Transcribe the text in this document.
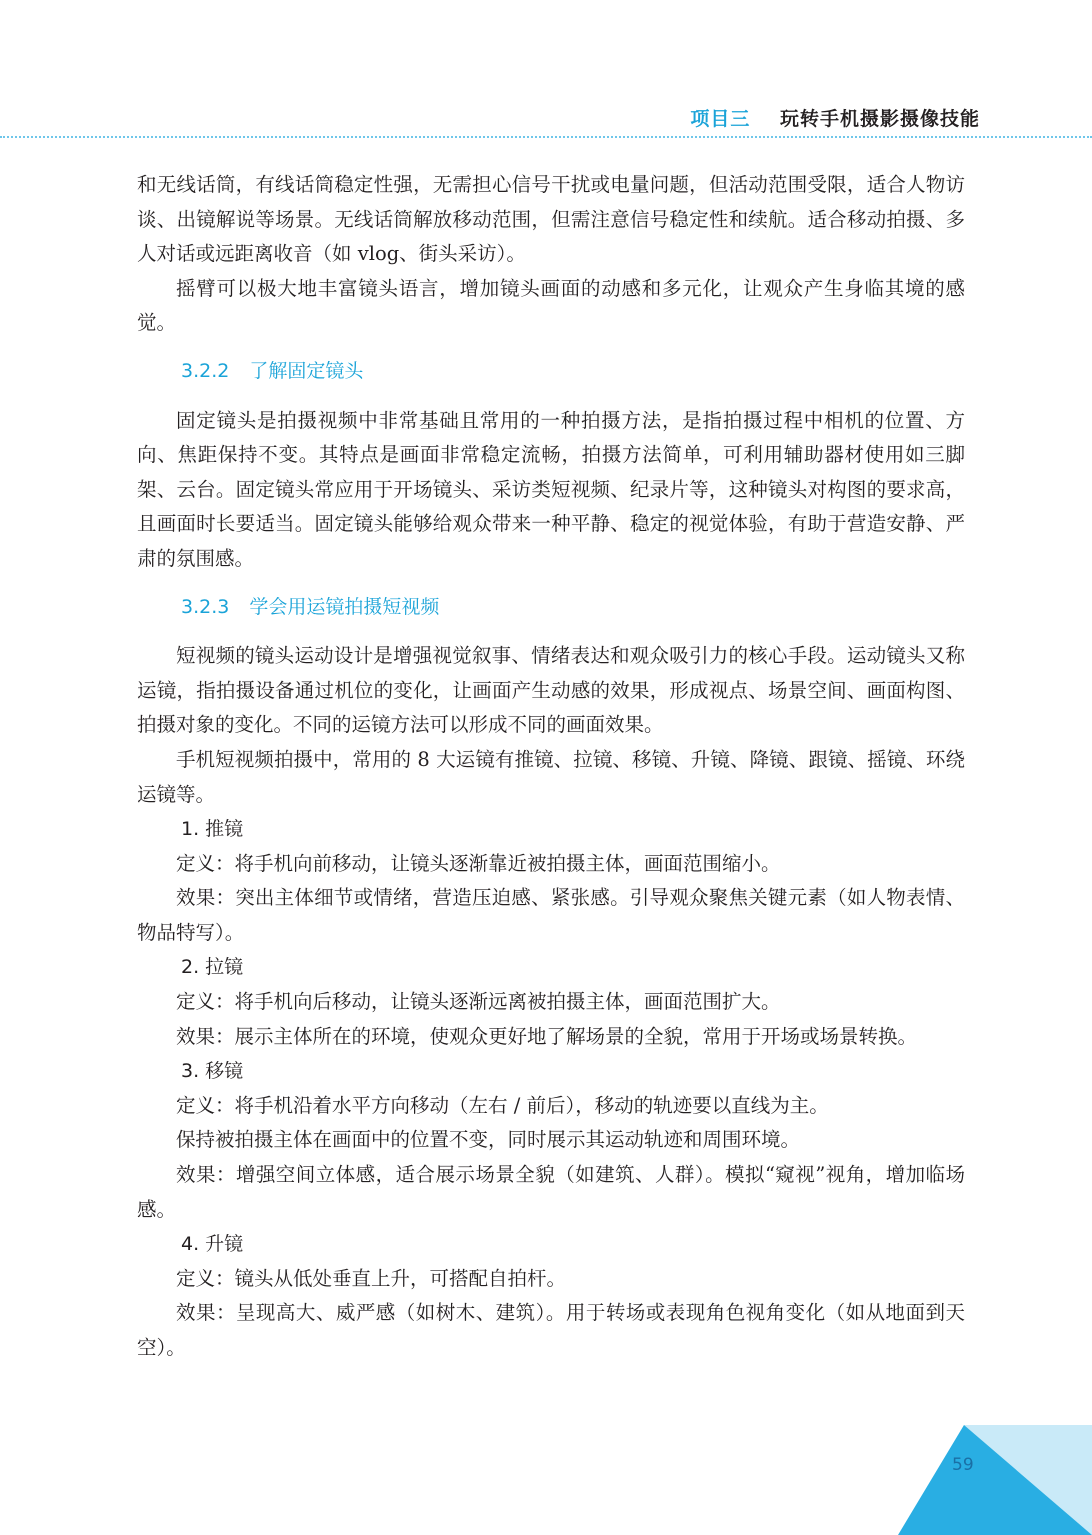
项目三 玩转手机摄影摄像技能

和无线话筒，有线话筒稳定性强，无需担心信号干扰或电量问题，但活动范围受限，适合人物访谈、出镜解说等场景。无线话筒解放移动范围，但需注意信号稳定性和续航。适合移动拍摄、多人对话或远距离收音（如 vlog、街头采访）。

摇臂可以极大地丰富镜头语言，增加镜头画面的动感和多元化，让观众产生身临其境的感觉。

3.2.2 了解固定镜头

固定镜头是拍摄视频中非常基础且常用的一种拍摄方法，是指拍摄过程中相机的位置、方向、焦距保持不变。其特点是画面非常稳定流畅，拍摄方法简单，可利用辅助器材使用如三脚架、云台。固定镜头常应用于开场镜头、采访类短视频、纪录片等，这种镜头对构图的要求高，且画面时长要适当。固定镜头能够给观众带来一种平静、稳定的视觉体验，有助于营造安静、严肃的氛围感。

3.2.3 学会用运镜拍摄短视频

短视频的镜头运动设计是增强视觉叙事、情绪表达和观众吸引力的核心手段。运动镜头又称运镜，指拍摄设备通过机位的变化，让画面产生动感的效果，形成视点、场景空间、画面构图、拍摄对象的变化。不同的运镜方法可以形成不同的画面效果。

手机短视频拍摄中，常用的 8 大运镜有推镜、拉镜、移镜、升镜、降镜、跟镜、摇镜、环绕运镜等。

1. 推镜

定义：将手机向前移动，让镜头逐渐靠近被拍摄主体，画面范围缩小。

效果：突出主体细节或情绪，营造压迫感、紧张感。引导观众聚焦关键元素（如人物表情、物品特写）。

2. 拉镜

定义：将手机向后移动，让镜头逐渐远离被拍摄主体，画面范围扩大。

效果：展示主体所在的环境，使观众更好地了解场景的全貌，常用于开场或场景转换。

3. 移镜

定义：将手机沿着水平方向移动（左右 / 前后），移动的轨迹要以直线为主。

保持被拍摄主体在画面中的位置不变，同时展示其运动轨迹和周围环境。

效果：增强空间立体感，适合展示场景全貌（如建筑、人群）。模拟“窥视”视角，增加临场感。

4. 升镜

定义：镜头从低处垂直上升，可搭配自拍杆。

效果：呈现高大、威严感（如树木、建筑）。用于转场或表现角色视角变化（如从地面到天空）。

59
